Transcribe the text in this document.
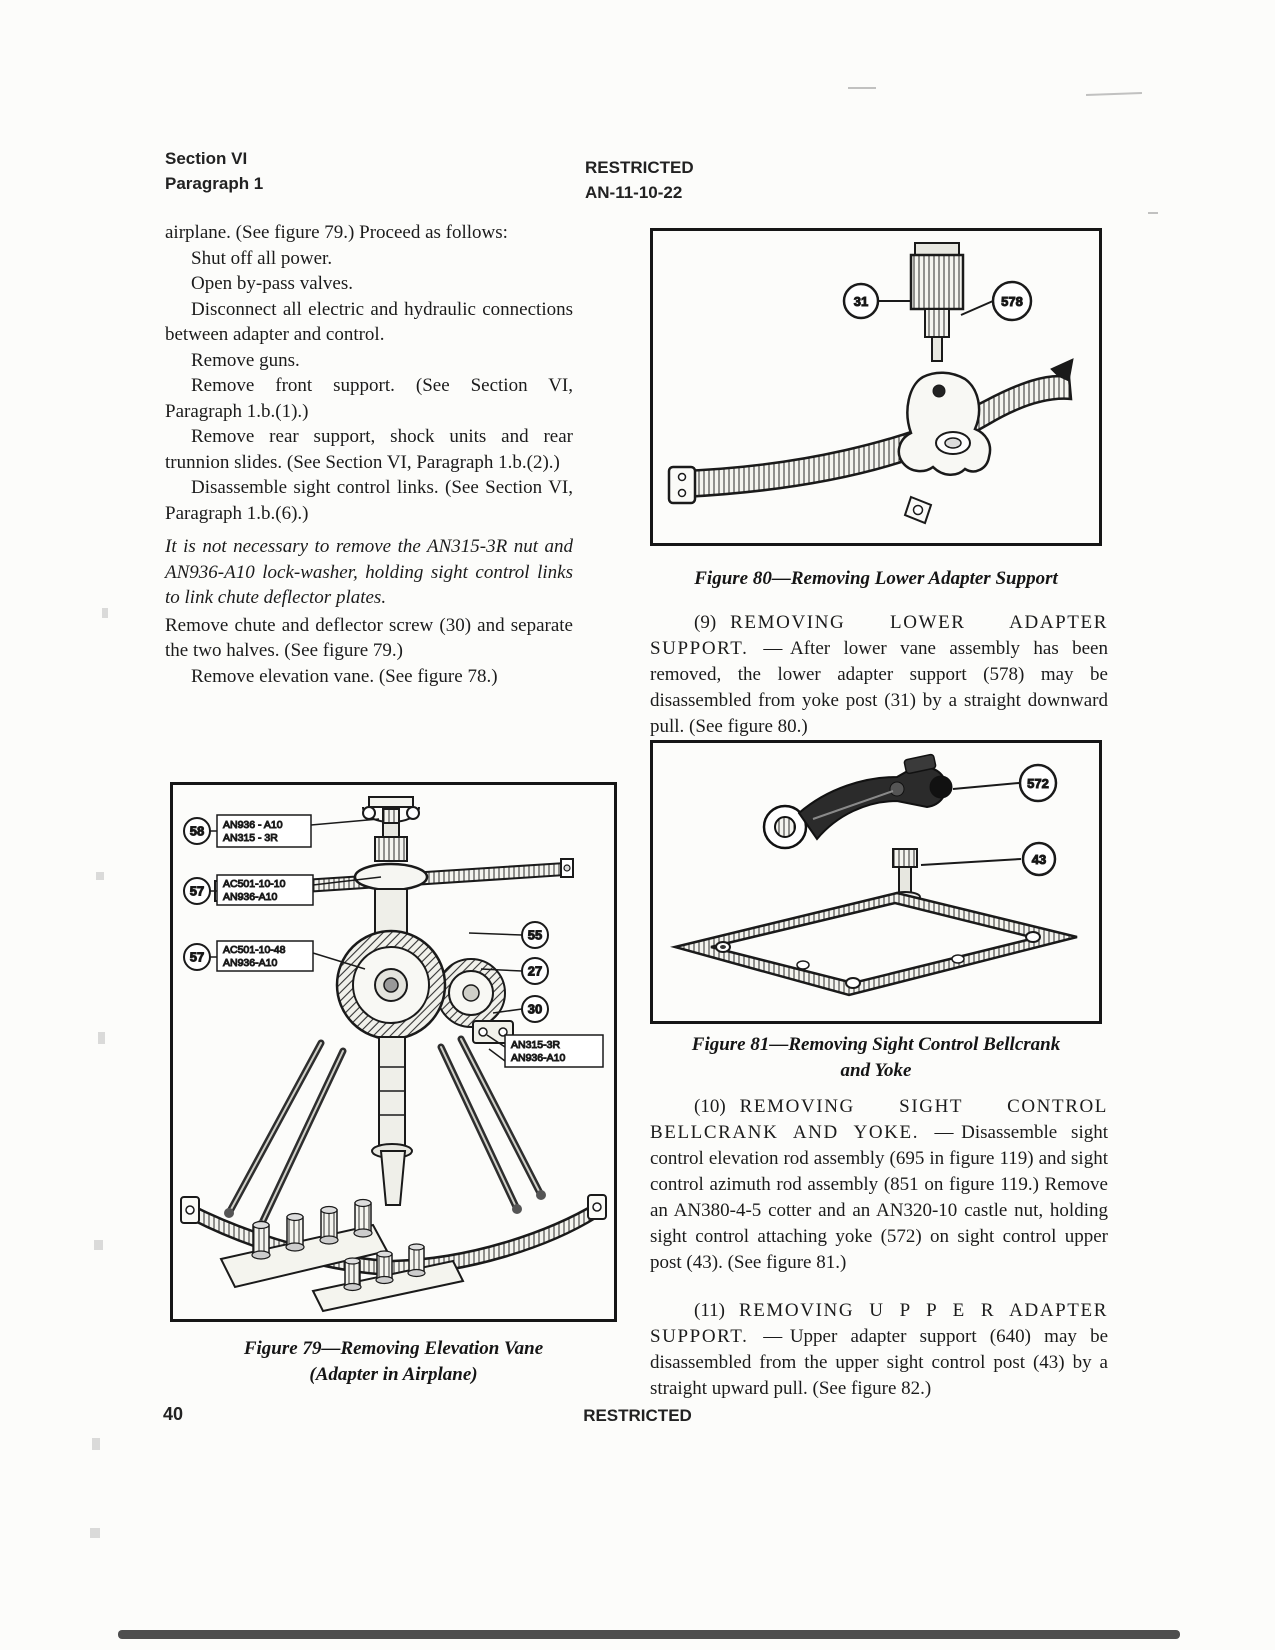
Section VI
Paragraph 1
RESTRICTED
AN-11-10-22

airplane. (See figure 79.) Proceed as follows:

Shut off all power.

Open by-pass valves.

Disconnect all electric and hydraulic connections between adapter and control.

Remove guns.

Remove front support. (See Section VI, Paragraph 1.b.(1).)

Remove rear support, shock units and rear trunnion slides. (See Section VI, Paragraph 1.b.(2).)

Disassemble sight control links. (See Section VI, Paragraph 1.b.(6).)

It is not necessary to remove the AN315-3R nut and AN936-A10 lock-washer, holding sight control links to link chute deflector plates.

Remove chute and deflector screw (30) and separate the two halves. (See figure 79.)

Remove elevation vane. (See figure 78.)

58 AN936 - A10
AN315 - 3R
57 AC501-10-10
AN936-A10
57 AC501-10-48
AN936-A10
55
27
30
AN315-3R
AN936-A10
Figure 79—Removing Elevation Vane
(Adapter in Airplane)
31	578
Figure 80—Removing Lower Adapter Support

(9) REMOVING LOWER ADAPTER SUPPORT. — After lower vane assembly has been removed, the lower adapter support (578) may be disassembled from yoke post (31) by a straight downward pull. (See figure 80.)

572
43
Figure 81—Removing Sight Control Bellcrank
and Yoke

(10) REMOVING SIGHT CONTROL BELLCRANK AND YOKE. — Disassemble sight control elevation rod assembly (695 in figure 119) and sight control azimuth rod assembly (851 on figure 119.) Remove an AN380-4-5 cotter and an AN320-10 castle nut, holding sight control attaching yoke (572) on sight control upper post (43). (See figure 81.)

(11) REMOVING U P P E R ADAPTER SUPPORT. — Upper adapter support (640) may be disassembled from the upper sight control post (43) by a straight upward pull. (See figure 82.)

40	RESTRICTED
